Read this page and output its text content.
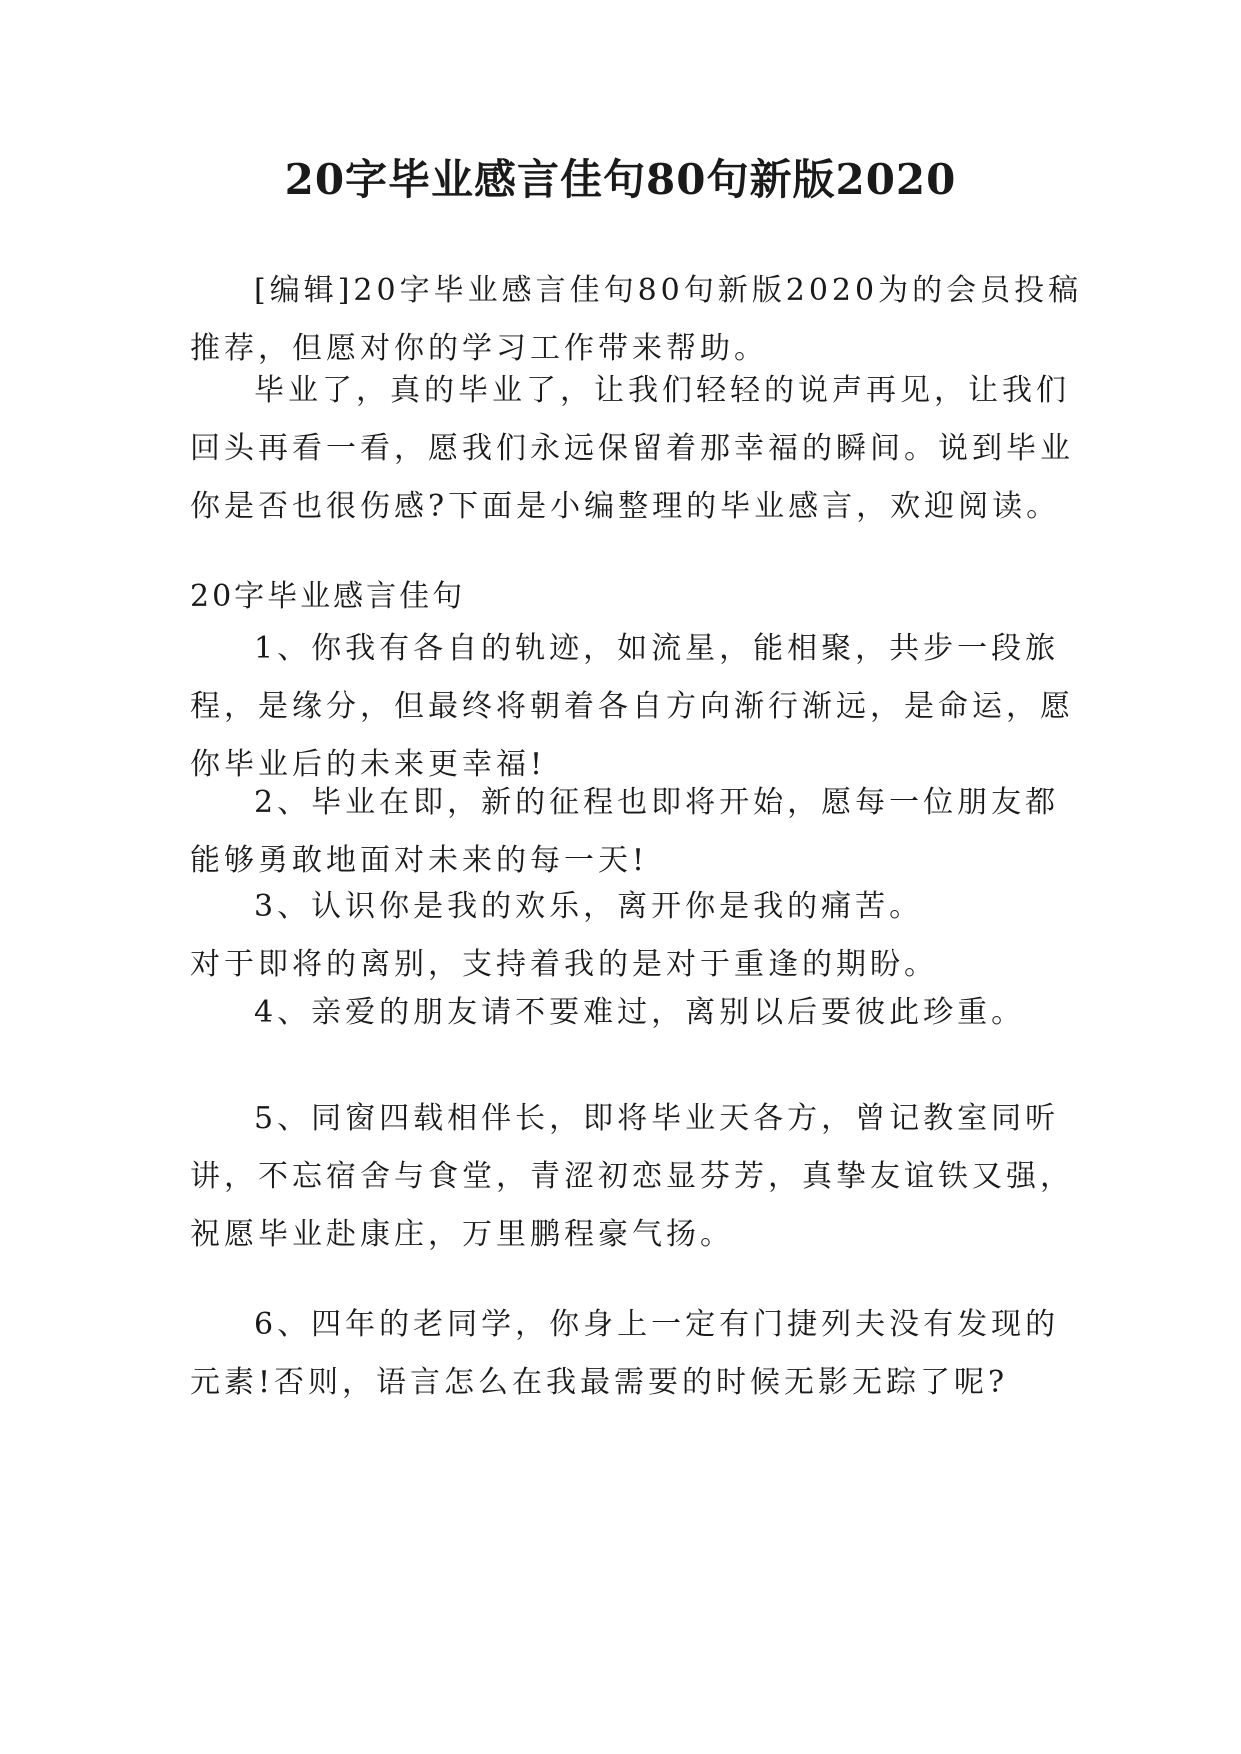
20字毕业感言佳句80句新版2020

[编辑]20字毕业感言佳句80句新版2020为的会员投稿
推荐，但愿对你的学习工作带来帮助。

毕业了，真的毕业了，让我们轻轻的说声再见，让我们
回头再看一看，愿我们永远保留着那幸福的瞬间。说到毕业
你是否也很伤感?下面是小编整理的毕业感言，欢迎阅读。

20字毕业感言佳句

1、你我有各自的轨迹，如流星，能相聚，共步一段旅
程，是缘分，但最终将朝着各自方向渐行渐远，是命运，愿
你毕业后的未来更幸福!

2、毕业在即，新的征程也即将开始，愿每一位朋友都
能够勇敢地面对未来的每一天!

3、认识你是我的欢乐，离开你是我的痛苦。
对于即将的离别，支持着我的是对于重逢的期盼。

4、亲爱的朋友请不要难过，离别以后要彼此珍重。

5、同窗四载相伴长，即将毕业天各方，曾记教室同听
讲，不忘宿舍与食堂，青涩初恋显芬芳，真挚友谊铁又强，
祝愿毕业赴康庄，万里鹏程豪气扬。

6、四年的老同学，你身上一定有门捷列夫没有发现的
元素!否则，语言怎么在我最需要的时候无影无踪了呢?
